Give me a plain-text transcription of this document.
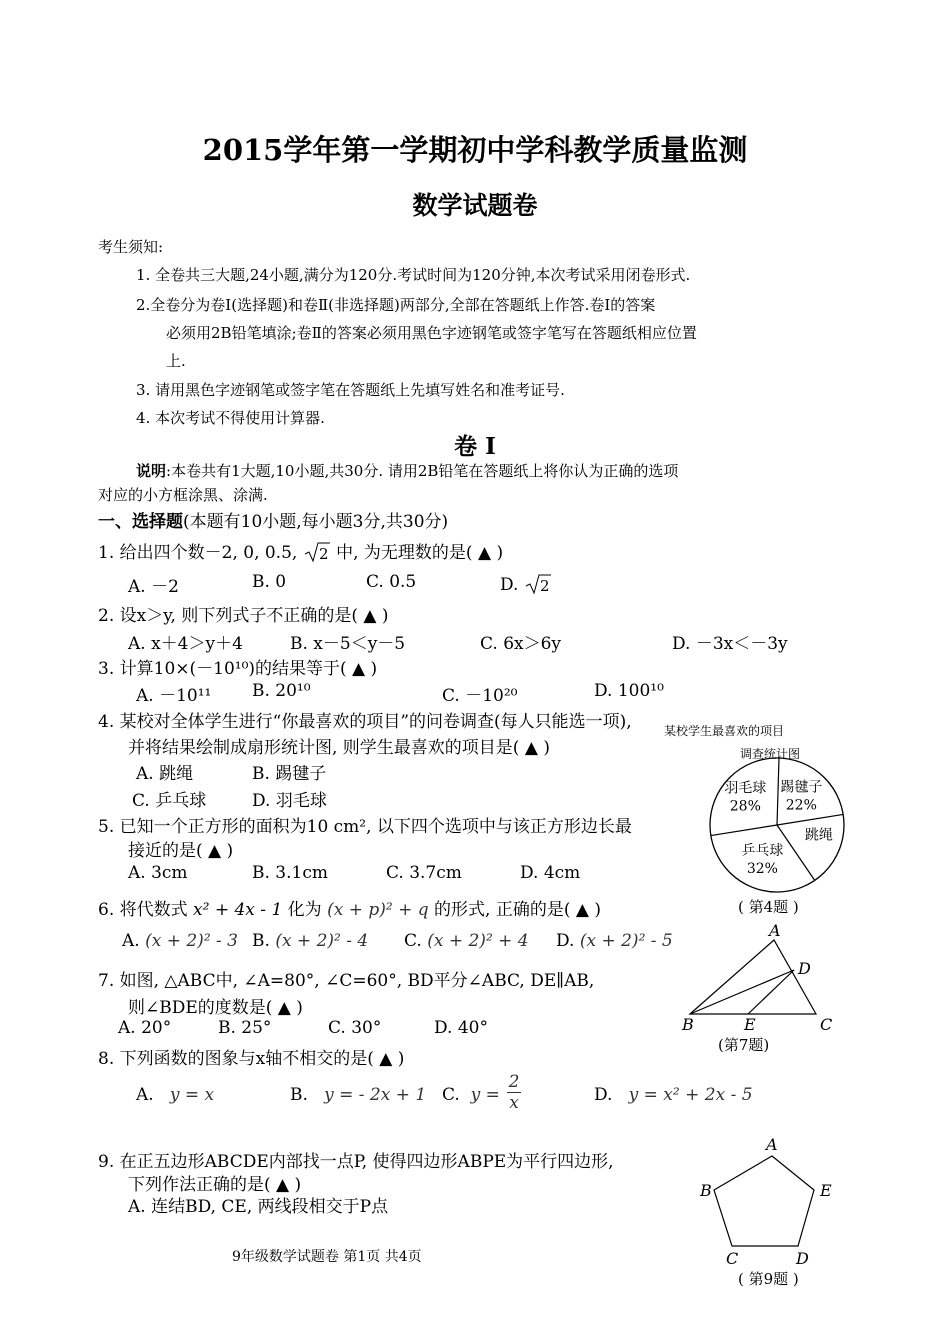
2015学年第一学期初中学科教学质量监测
数学试题卷
考生须知:
1. 全卷共三大题,24小题,满分为120分.考试时间为120分钟,本次考试采用闭卷形式.
2.全卷分为卷Ⅰ(选择题)和卷Ⅱ(非选择题)两部分,全部在答题纸上作答.卷Ⅰ的答案
必须用2B铅笔填涂;卷Ⅱ的答案必须用黑色字迹钢笔或签字笔写在答题纸相应位置
上.
3. 请用黑色字迹钢笔或签字笔在答题纸上先填写姓名和准考证号.
4. 本次考试不得使用计算器.
卷 Ⅰ
说明:本卷共有1大题,10小题,共30分. 请用2B铅笔在答题纸上将你认为正确的选项
对应的小方框涂黑、涂满.
一、选择题(本题有10小题,每小题3分,共30分)
1. 给出四个数－2, 0, 0.5, 2 中, 为无理数的是( ▲ )
A. －2	B. 0	C. 0.5	D. 2
2. 设x＞y, 则下列式子不正确的是( ▲ )
A. x＋4＞y＋4	B. x－5＜y－5	C. 6x＞6y	D. －3x＜－3y
3. 计算10×(－10¹⁰)的结果等于( ▲ )
A. －10¹¹ B. 20¹⁰	C. －10²⁰	D. 100¹⁰
4. 某校对全体学生进行“你最喜欢的项目”的问卷调查(每人只能选一项),
并将结果绘制成扇形统计图, 则学生最喜欢的项目是( ▲ )
A. 跳绳	B. 踢毽子
C. 乒乓球	D. 羽毛球
某校学生最喜欢的项目
调查统计图
踢毽子
22%
跳绳
乒乓球
32%
羽毛球
28%
( 第4题 )
5. 已知一个正方形的面积为10 cm², 以下四个选项中与该正方形边长最
接近的是( ▲ )
A. 3cm	B. 3.1cm	C. 3.7cm	D. 4cm
6. 将代数式 x² + 4x - 1 化为 (x + p)² + q 的形式, 正确的是( ▲ )
A. (x + 2)² - 3 B. (x + 2)² - 4 C. (x + 2)² + 4 D. (x + 2)² - 5
7. 如图, △ABC中, ∠A=80°, ∠C=60°, BD平分∠ABC, DE∥AB,
则∠BDE的度数是( ▲ )
A. 20°	B. 25°	C. 30°	D. 40°
A
D
B	E	C
(第7题)
8. 下列函数的图象与x轴不相交的是( ▲ )
A. y = x	B. y = - 2x + 1 C. $y = \frac{2}{x}$	D. y = x² + 2x - 5
9. 在正五边形ABCDE内部找一点P, 使得四边形ABPE为平行四边形,
下列作法正确的是( ▲ )
A. 连结BD, CE, 两线段相交于P点
A
B	E
C	D
( 第9题 )
9年级数学试题卷 第1页 共4页
